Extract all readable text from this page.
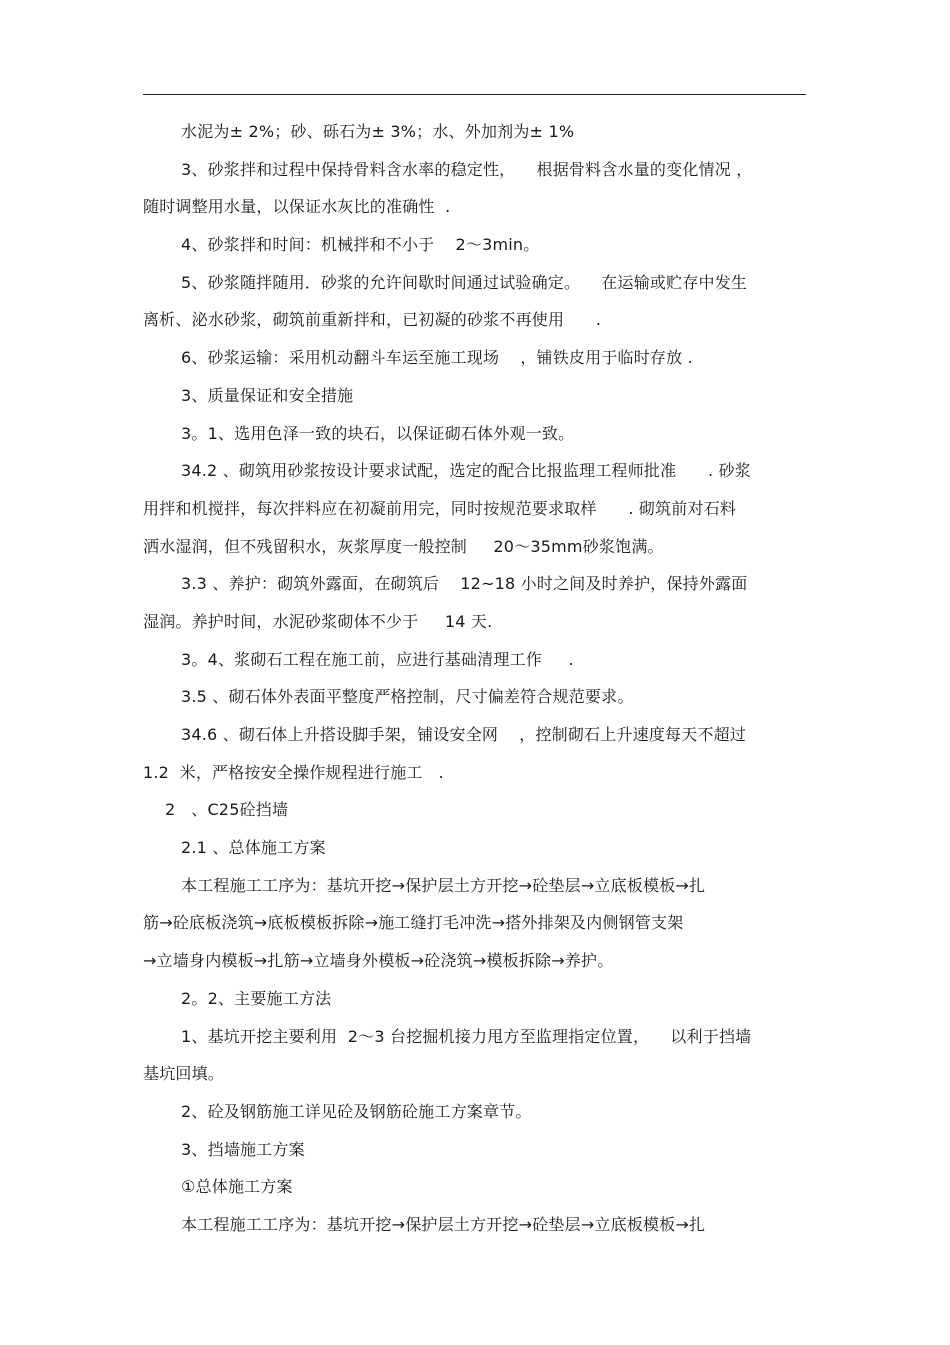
水泥为± 2%；砂、砾石为± 3%；水、外加剂为± 1%
3、砂浆拌和过程中保持骨料含水率的稳定性，    根据骨料含水量的变化情况 ，
随时调整用水量，以保证水灰比的准确性  .
4、砂浆拌和时间：机械拌和不小于    2～3min。
5、砂浆随拌随用．砂浆的允许间歇时间通过试验确定。    在运输或贮存中发生
离析、泌水砂浆，砌筑前重新拌和，已初凝的砂浆不再使用      .
6、砂浆运输：采用机动翻斗车运至施工现场    ，铺铁皮用于临时存放 .
3、质量保证和安全措施
3。1、选用色泽一致的块石，以保证砌石体外观一致。
34.2 、砌筑用砂浆按设计要求试配，选定的配合比报监理工程师批准      . 砂浆
用拌和机搅拌，每次拌料应在初凝前用完，同时按规范要求取样      . 砌筑前对石料
洒水湿润，但不残留积水，灰浆厚度一般控制     20～35mm砂浆饱满。
3.3 、养护：砌筑外露面，在砌筑后    12~18 小时之间及时养护，保持外露面
湿润。养护时间，水泥砂浆砌体不少于     14 天.
3。4、浆砌石工程在施工前，应进行基础清理工作     .
3.5 、砌石体外表面平整度严格控制，尺寸偏差符合规范要求。
34.6 、砌石体上升搭设脚手架，铺设安全网    ，控制砌石上升速度每天不超过
1.2  米，严格按安全操作规程进行施工   .
2   、C25砼挡墙
2.1 、总体施工方案
本工程施工工序为：基坑开挖→保护层土方开挖→砼垫层→立底板模板→扎
筋→砼底板浇筑→底板模板拆除→施工缝打毛冲洗→搭外排架及内侧钢管支架
→立墙身内模板→扎筋→立墙身外模板→砼浇筑→模板拆除→养护。
2。2、主要施工方法
1、基坑开挖主要利用  2～3 台挖掘机接力甩方至监理指定位置，    以利于挡墙
基坑回填。
2、砼及钢筋施工详见砼及钢筋砼施工方案章节。
3、挡墙施工方案
①总体施工方案
本工程施工工序为：基坑开挖→保护层土方开挖→砼垫层→立底板模板→扎
